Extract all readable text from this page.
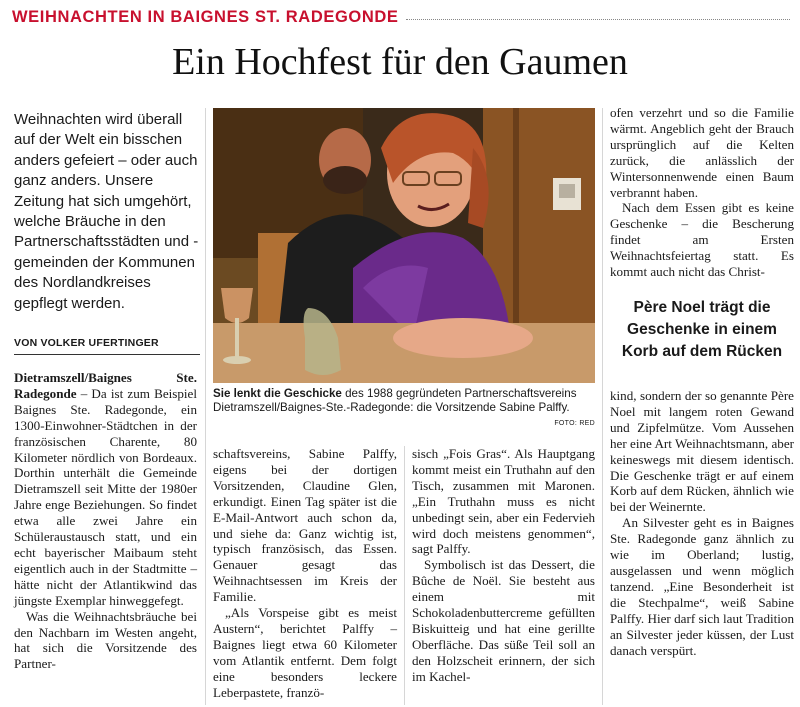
WEIHNACHTEN IN BAIGNES ST. RADEGONDE
Ein Hochfest für den Gaumen
Weihnachten wird überall auf der Welt ein bisschen anders gefeiert – oder auch ganz anders. Unsere Zeitung hat sich umgehört, welche Bräuche in den Partnerschaftsstädten und -gemeinden der Kommunen des Nordlandkreises gepflegt werden.
VON VOLKER UFERTINGER

Dietramszell/Baignes Ste. Radegonde – Da ist zum Beispiel Baignes Ste. Radegonde, ein 1300-Einwohner-Städtchen in der französischen Charente, 80 Kilometer nördlich von Bordeaux. Dorthin unterhält die Gemeinde Dietramszell seit Mitte der 1980er Jahre enge Beziehungen. So findet etwa alle zwei Jahre ein Schüleraustausch statt, und ein echt bayerischer Maibaum steht eigentlich auch in der Stadtmitte – hätte nicht der Atlantikwind das jüngste Exemplar hinweggefegt.

Was die Weihnachtsbräuche bei den Nachbarn im Westen angeht, hat sich die Vorsitzende des Partner-

Sie lenkt die Geschicke des 1988 gegründeten Partnerschaftsvereins Dietramszell/Baignes-Ste.-Radegonde: die Vorsitzende Sabine Palffy.
FOTO: RED

schaftsvereins, Sabine Palffy, eigens bei der dortigen Vorsitzenden, Claudine Glen, erkundigt. Einen Tag später ist die E-Mail-Antwort auch schon da, und siehe da: Ganz wichtig ist, typisch französisch, das Essen. Genauer gesagt das Weihnachtsessen im Kreis der Familie.

„Als Vorspeise gibt es meist Austern“, berichtet Palffy – Baignes liegt etwa 60 Kilometer vom Atlantik entfernt. Dem folgt eine besonders leckere Leberpastete, franzö-

sisch „Fois Gras“. Als Hauptgang kommt meist ein Truthahn auf den Tisch, zusammen mit Maronen. „Ein Truthahn muss es nicht unbedingt sein, aber ein Federvieh wird doch meistens genommen“, sagt Palffy.

Symbolisch ist das Dessert, die Bûche de Noël. Sie besteht aus einem mit Schokoladenbuttercreme gefüllten Biskuitteig und hat eine gerillte Oberfläche. Das süße Teil soll an den Holzscheit erinnern, der sich im Kachel-

ofen verzehrt und so die Familie wärmt. Angeblich geht der Brauch ursprünglich auf die Kelten zurück, die anlässlich der Wintersonnenwende einen Baum verbrannt haben.

Nach dem Essen gibt es keine Geschenke – die Bescherung findet am Ersten Weihnachtsfeiertag statt. Es kommt auch nicht das Christ-

Père Noel trägt die Geschenke in einem Korb auf dem Rücken

kind, sondern der so genannte Père Noel mit langem roten Gewand und Zipfelmütze. Vom Aussehen her eine Art Weihnachtsmann, aber keineswegs mit diesem identisch. Die Geschenke trägt er auf einem Korb auf dem Rücken, ähnlich wie bei der Weinernte.

An Silvester geht es in Baignes Ste. Radegonde ganz ähnlich zu wie im Oberland; lustig, ausgelassen und wenn möglich tanzend. „Eine Besonderheit ist die Stechpalme“, weiß Sabine Palffy. Hier darf sich laut Tradition an Silvester jeder küssen, der Lust danach verspürt.
